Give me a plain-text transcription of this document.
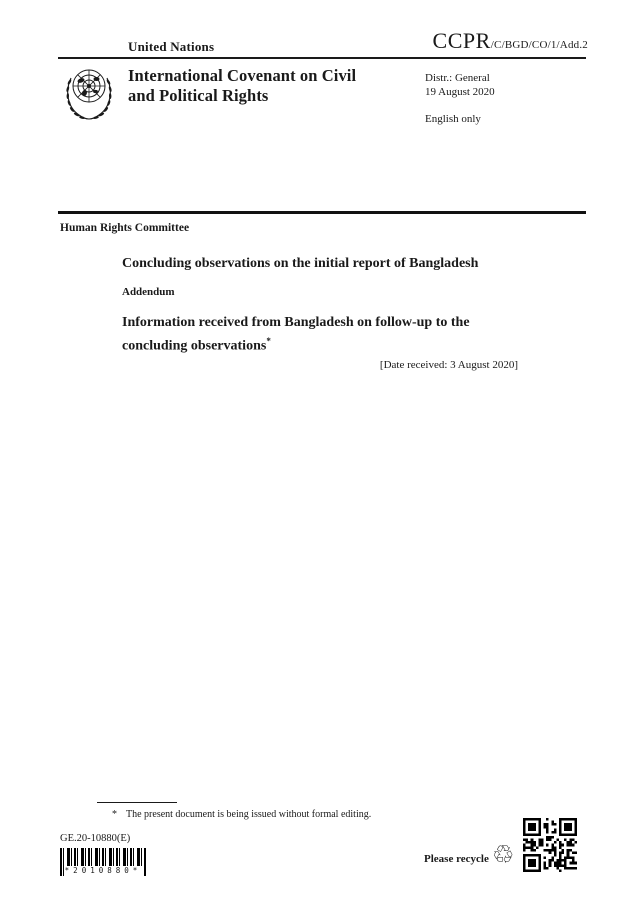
United Nations	CCPR /C/BGD/CO/1/Add.2
International Covenant on Civil and Political Rights
Distr.: General
19 August 2020
English only
Human Rights Committee
Concluding observations on the initial report of Bangladesh
Addendum
Information received from Bangladesh on follow-up to the concluding observations*
[Date received: 3 August 2020]
* The present document is being issued without formal editing.
GE.20-10880(E)
*2010880*
Please recycle ♲
